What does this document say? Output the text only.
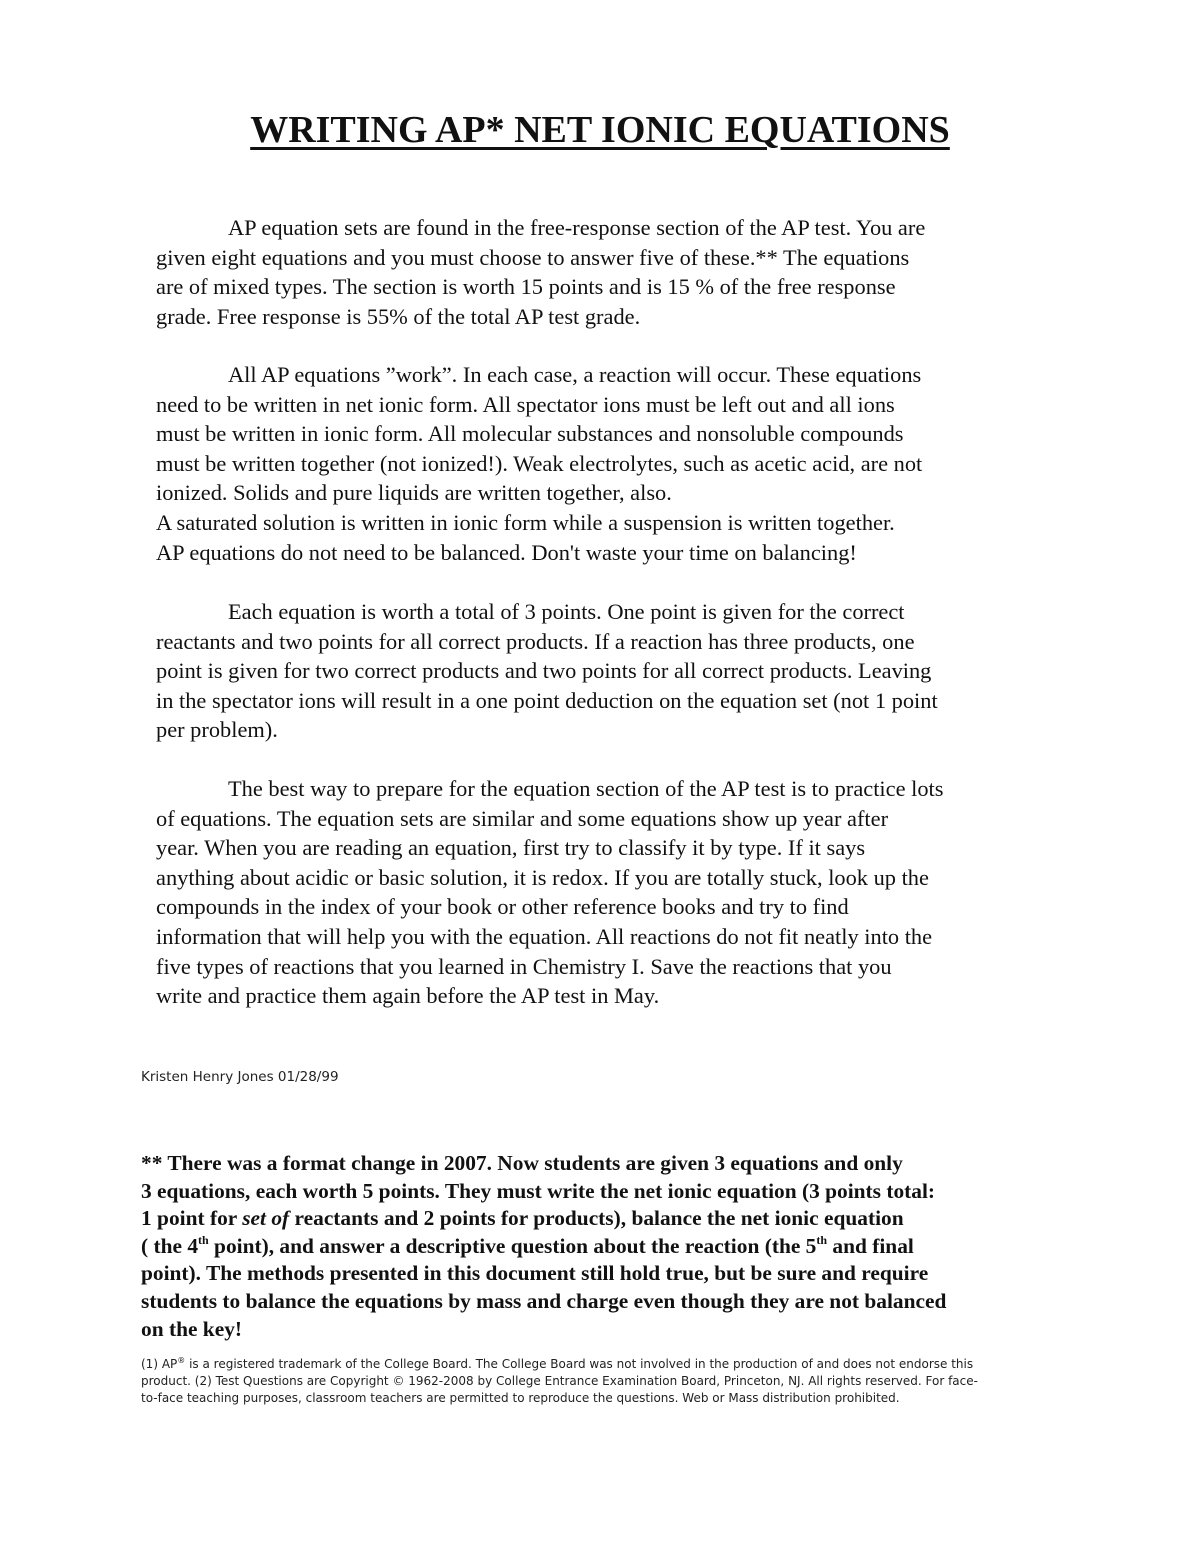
WRITING AP* NET IONIC EQUATIONS
AP equation sets are found in the free-response section of the AP test. You are
given eight equations and you must choose to answer five of these.** The equations
are of mixed types. The section is worth 15 points and is 15 % of the free response
grade. Free response is 55% of the total AP test grade.
All AP equations ”work”. In each case, a reaction will occur. These equations
need to be written in net ionic form. All spectator ions must be left out and all ions
must be written in ionic form. All molecular substances and nonsoluble compounds
must be written together (not ionized!). Weak electrolytes, such as acetic acid, are not
ionized. Solids and pure liquids are written together, also.
A saturated solution is written in ionic form while a suspension is written together.
AP equations do not need to be balanced. Don't waste your time on balancing!
Each equation is worth a total of 3 points. One point is given for the correct
reactants and two points for all correct products. If a reaction has three products, one
point is given for two correct products and two points for all correct products. Leaving
in the spectator ions will result in a one point deduction on the equation set (not 1 point
per problem).
The best way to prepare for the equation section of the AP test is to practice lots
of equations. The equation sets are similar and some equations show up year after
year. When you are reading an equation, first try to classify it by type. If it says
anything about acidic or basic solution, it is redox. If you are totally stuck, look up the
compounds in the index of your book or other reference books and try to find
information that will help you with the equation. All reactions do not fit neatly into the
five types of reactions that you learned in Chemistry I. Save the reactions that you
write and practice them again before the AP test in May.
Kristen Henry Jones 01/28/99
** There was a format change in 2007. Now students are given 3 equations and only
3 equations, each worth 5 points. They must write the net ionic equation (3 points total:
1 point for set of reactants and 2 points for products), balance the net ionic equation
( the 4th point), and answer a descriptive question about the reaction (the 5th and final
point). The methods presented in this document still hold true, but be sure and require
students to balance the equations by mass and charge even though they are not balanced
on the key!
(1) AP® is a registered trademark of the College Board. The College Board was not involved in the production of and does not endorse this
product. (2) Test Questions are Copyright © 1962-2008 by College Entrance Examination Board, Princeton, NJ. All rights reserved. For face-
to-face teaching purposes, classroom teachers are permitted to reproduce the questions. Web or Mass distribution prohibited.
